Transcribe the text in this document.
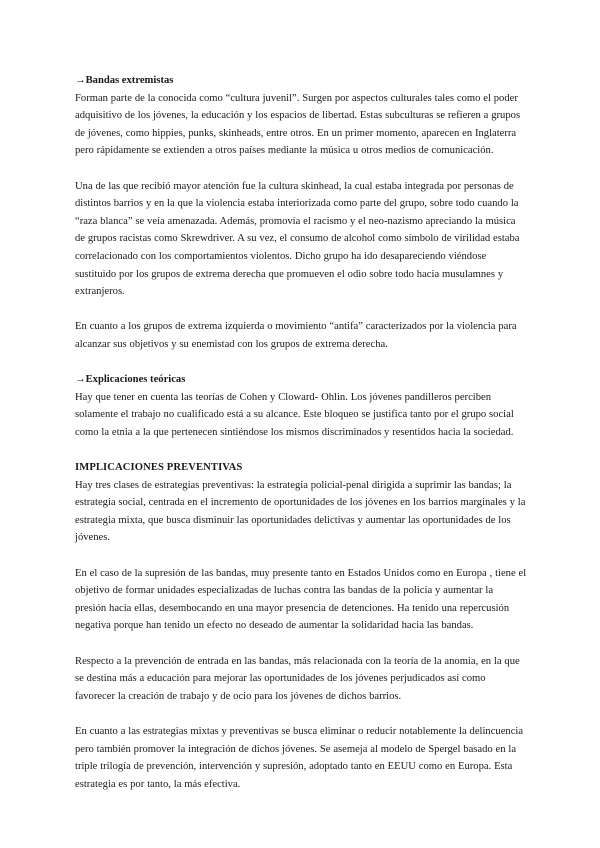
→Bandas extremistas

Forman parte de la conocida como “cultura juvenil”. Surgen por aspectos culturales tales como el poder adquisitivo de los jóvenes, la educación y los espacios de libertad. Estas subculturas se refieren a grupos de jóvenes, como hippies, punks, skinheads, entre otros. En un primer momento, aparecen en Inglaterra pero rápidamente se extienden a otros países mediante la música u otros medios de comunicación.

Una de las que recibió mayor atención fue la cultura skinhead, la cual estaba integrada por personas de distintos barrios y en la que la violencia estaba interiorizada como parte del grupo, sobre todo cuando la “raza blanca” se veía amenazada. Además, promovía el racismo y el neo-nazismo apreciando la música de grupos racistas como Skrewdriver. A su vez, el consumo de alcohol como símbolo de virilidad estaba correlacionado con los comportamientos violentos. Dicho grupo ha ido desapareciendo viéndose sustituido por los grupos de extrema derecha que promueven el odio sobre todo hacia musulamnes y extranjeros.

En cuanto a los grupos de extrema izquierda o movimiento “antifa” caracterizados por la violencia para alcanzar sus objetivos y su enemistad con los grupos de extrema derecha.

→Explicaciones teóricas

Hay que tener en cuenta las teorías de Cohen y Cloward- Ohlin. Los jóvenes pandilleros perciben solamente el trabajo no cualificado está a su alcance. Este bloqueo se justifica tanto por el grupo social como la etnia a la que pertenecen sintiéndose los mismos discriminados y resentidos hacia la sociedad.

IMPLICACIONES PREVENTIVAS

Hay tres clases de estrategias preventivas: la estrategia policial-penal dirigida a suprimir las bandas; la estrategia social, centrada en el incremento de oportunidades de los jóvenes en los barrios marginales y la estrategia mixta, que busca disminuir las oportunidades delictivas y aumentar las oportunidades de los jóvenes.

En el caso de la supresión de las bandas, muy presente tanto en Estados Unidos como en Europa , tiene el objetivo de formar unidades especializadas de luchas contra las bandas de la policía y aumentar la presión hacia ellas, desembocando en una mayor presencia de detenciones. Ha tenido una repercusión negativa porque han tenido un efecto no deseado de aumentar la solidaridad hacia las bandas.

Respecto a la prevención de entrada en las bandas, más relacionada con la teoría de la anomia, en la que se destina más a educación para mejorar las oportunidades de los jóvenes perjudicados así como favorecer la creación de trabajo y de ocio para los jóvenes de dichos barrios.

En cuanto a las estrategias mixtas y preventivas se busca eliminar o reducir notablemente la delincuencia pero también promover la integración de dichos jóvenes. Se asemeja al modelo de Spergel basado en la triple trilogía de prevención, intervención y supresión, adoptado tanto en EEUU como en Europa. Esta estrategia es por tanto, la más efectiva.
